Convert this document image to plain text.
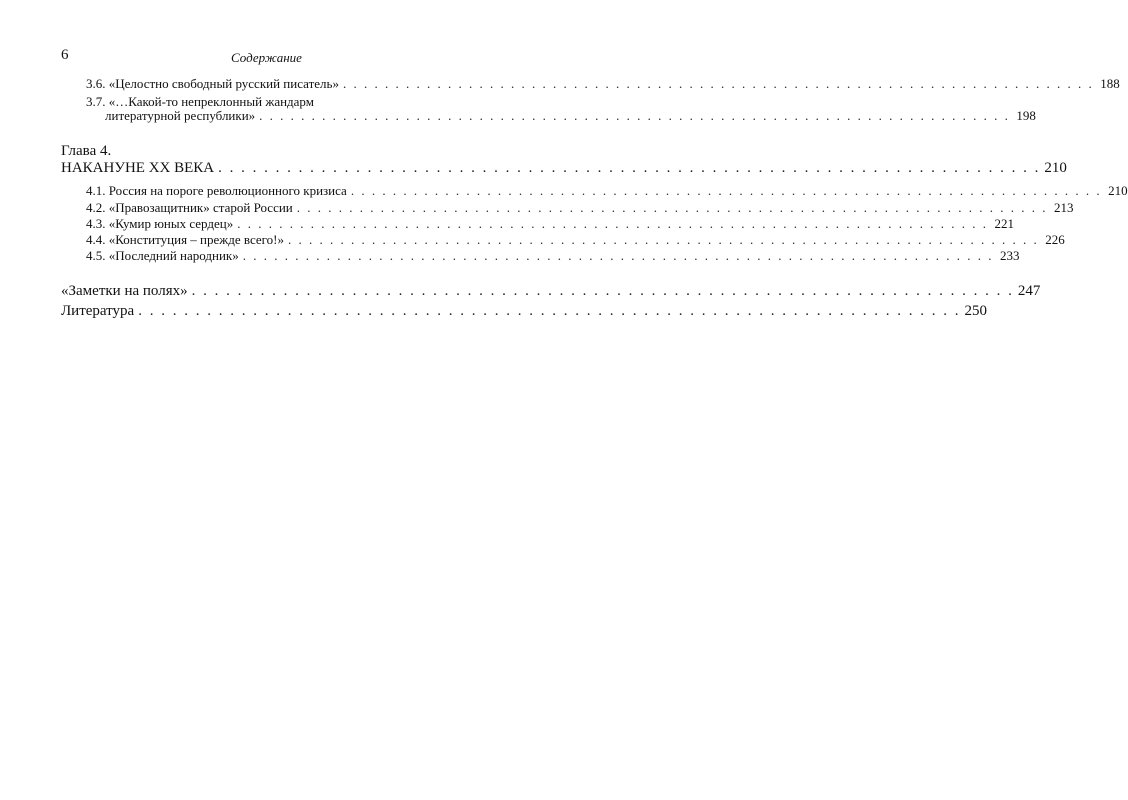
6	Содержание
3.6. «Целостно свободный русский писатель» . . . . . . . . . . . . . . . . . . . . . . . . . . . . . . . . . . . . . . . . . . . . . . . . . . . . . . . . . . . . . . . . . . . . . . . . 188
3.7. «…Какой-то непреклонный жандарм
литературной республики» . . . . . . . . . . . . . . . . . . . . . . . . . . . . . . . . . . . . . . . . . . . . . . . . . . . . . . . . . . . . . . . . . . . . . . . . 198
Глава 4.
НАКАНУНЕ XX ВЕКА . . . . . . . . . . . . . . . . . . . . . . . . . . . . . . . . . . . . . . . . . . . . . . . . . . . . . . . . . . . . . . . . . . . . . . . . 210
4.1. Россия на пороге революционного кризиса . . . . . . . . . . . . . . . . . . . . . . . . . . . . . . . . . . . . . . . . . . . . . . . . . . . . . . . . . . . . . . . . . . . . . . . . 210
4.2. «Правозащитник» старой России . . . . . . . . . . . . . . . . . . . . . . . . . . . . . . . . . . . . . . . . . . . . . . . . . . . . . . . . . . . . . . . . . . . . . . . . 213
4.3. «Кумир юных сердец» . . . . . . . . . . . . . . . . . . . . . . . . . . . . . . . . . . . . . . . . . . . . . . . . . . . . . . . . . . . . . . . . . . . . . . . . 221
4.4. «Конституция – прежде всего!» . . . . . . . . . . . . . . . . . . . . . . . . . . . . . . . . . . . . . . . . . . . . . . . . . . . . . . . . . . . . . . . . . . . . . . . . 226
4.5. «Последний народник» . . . . . . . . . . . . . . . . . . . . . . . . . . . . . . . . . . . . . . . . . . . . . . . . . . . . . . . . . . . . . . . . . . . . . . . . 233
«Заметки на полях» . . . . . . . . . . . . . . . . . . . . . . . . . . . . . . . . . . . . . . . . . . . . . . . . . . . . . . . . . . . . . . . . . . . . . . . . 247
Литература . . . . . . . . . . . . . . . . . . . . . . . . . . . . . . . . . . . . . . . . . . . . . . . . . . . . . . . . . . . . . . . . . . . . . . . . 250
